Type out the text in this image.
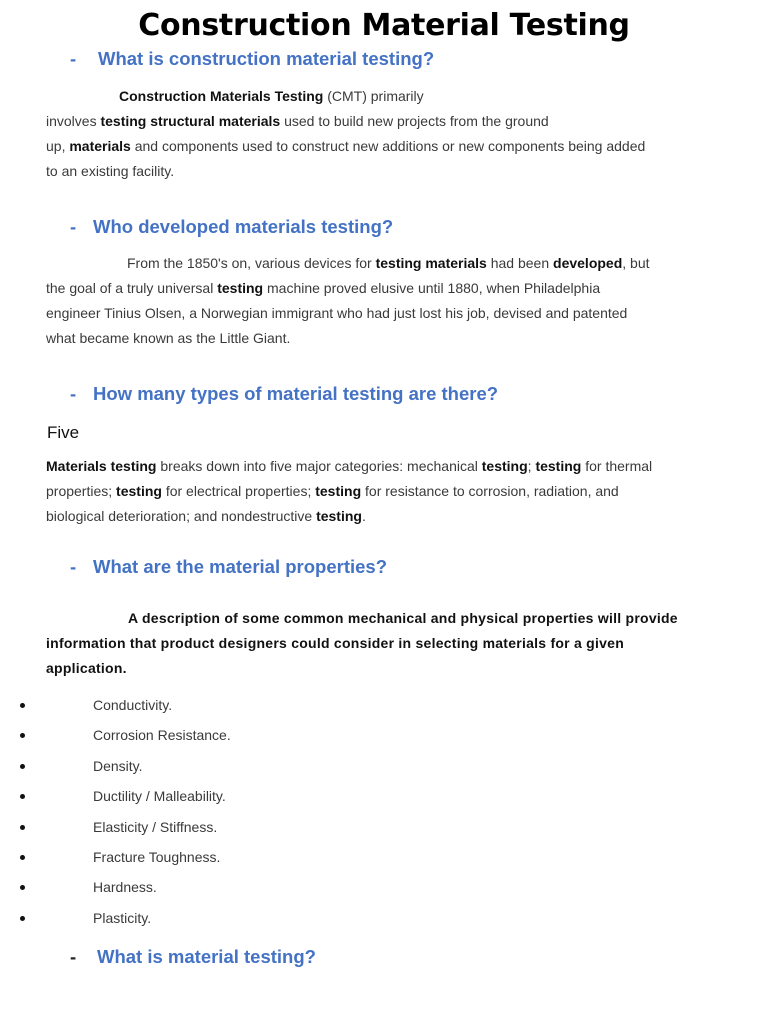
Construction Material Testing
- What is construction material testing?
Construction Materials Testing (CMT) primarily
involves testing structural materials used to build new projects from the ground
up, materials and components used to construct new additions or new components being added
to an existing facility.
- Who developed materials testing?
From the 1850's on, various devices for testing materials had been developed, but
the goal of a truly universal testing machine proved elusive until 1880, when Philadelphia
engineer Tinius Olsen, a Norwegian immigrant who had just lost his job, devised and patented
what became known as the Little Giant.
- How many types of material testing are there?
Five
Materials testing breaks down into five major categories: mechanical testing; testing for thermal
properties; testing for electrical properties; testing for resistance to corrosion, radiation, and
biological deterioration; and nondestructive testing.
- What are the material properties?
A description of some common mechanical and physical properties will provide
information that product designers could consider in selecting materials for a given
application.
Conductivity.
Corrosion Resistance.
Density.
Ductility / Malleability.
Elasticity / Stiffness.
Fracture Toughness.
Hardness.
Plasticity.
- What is material testing?
